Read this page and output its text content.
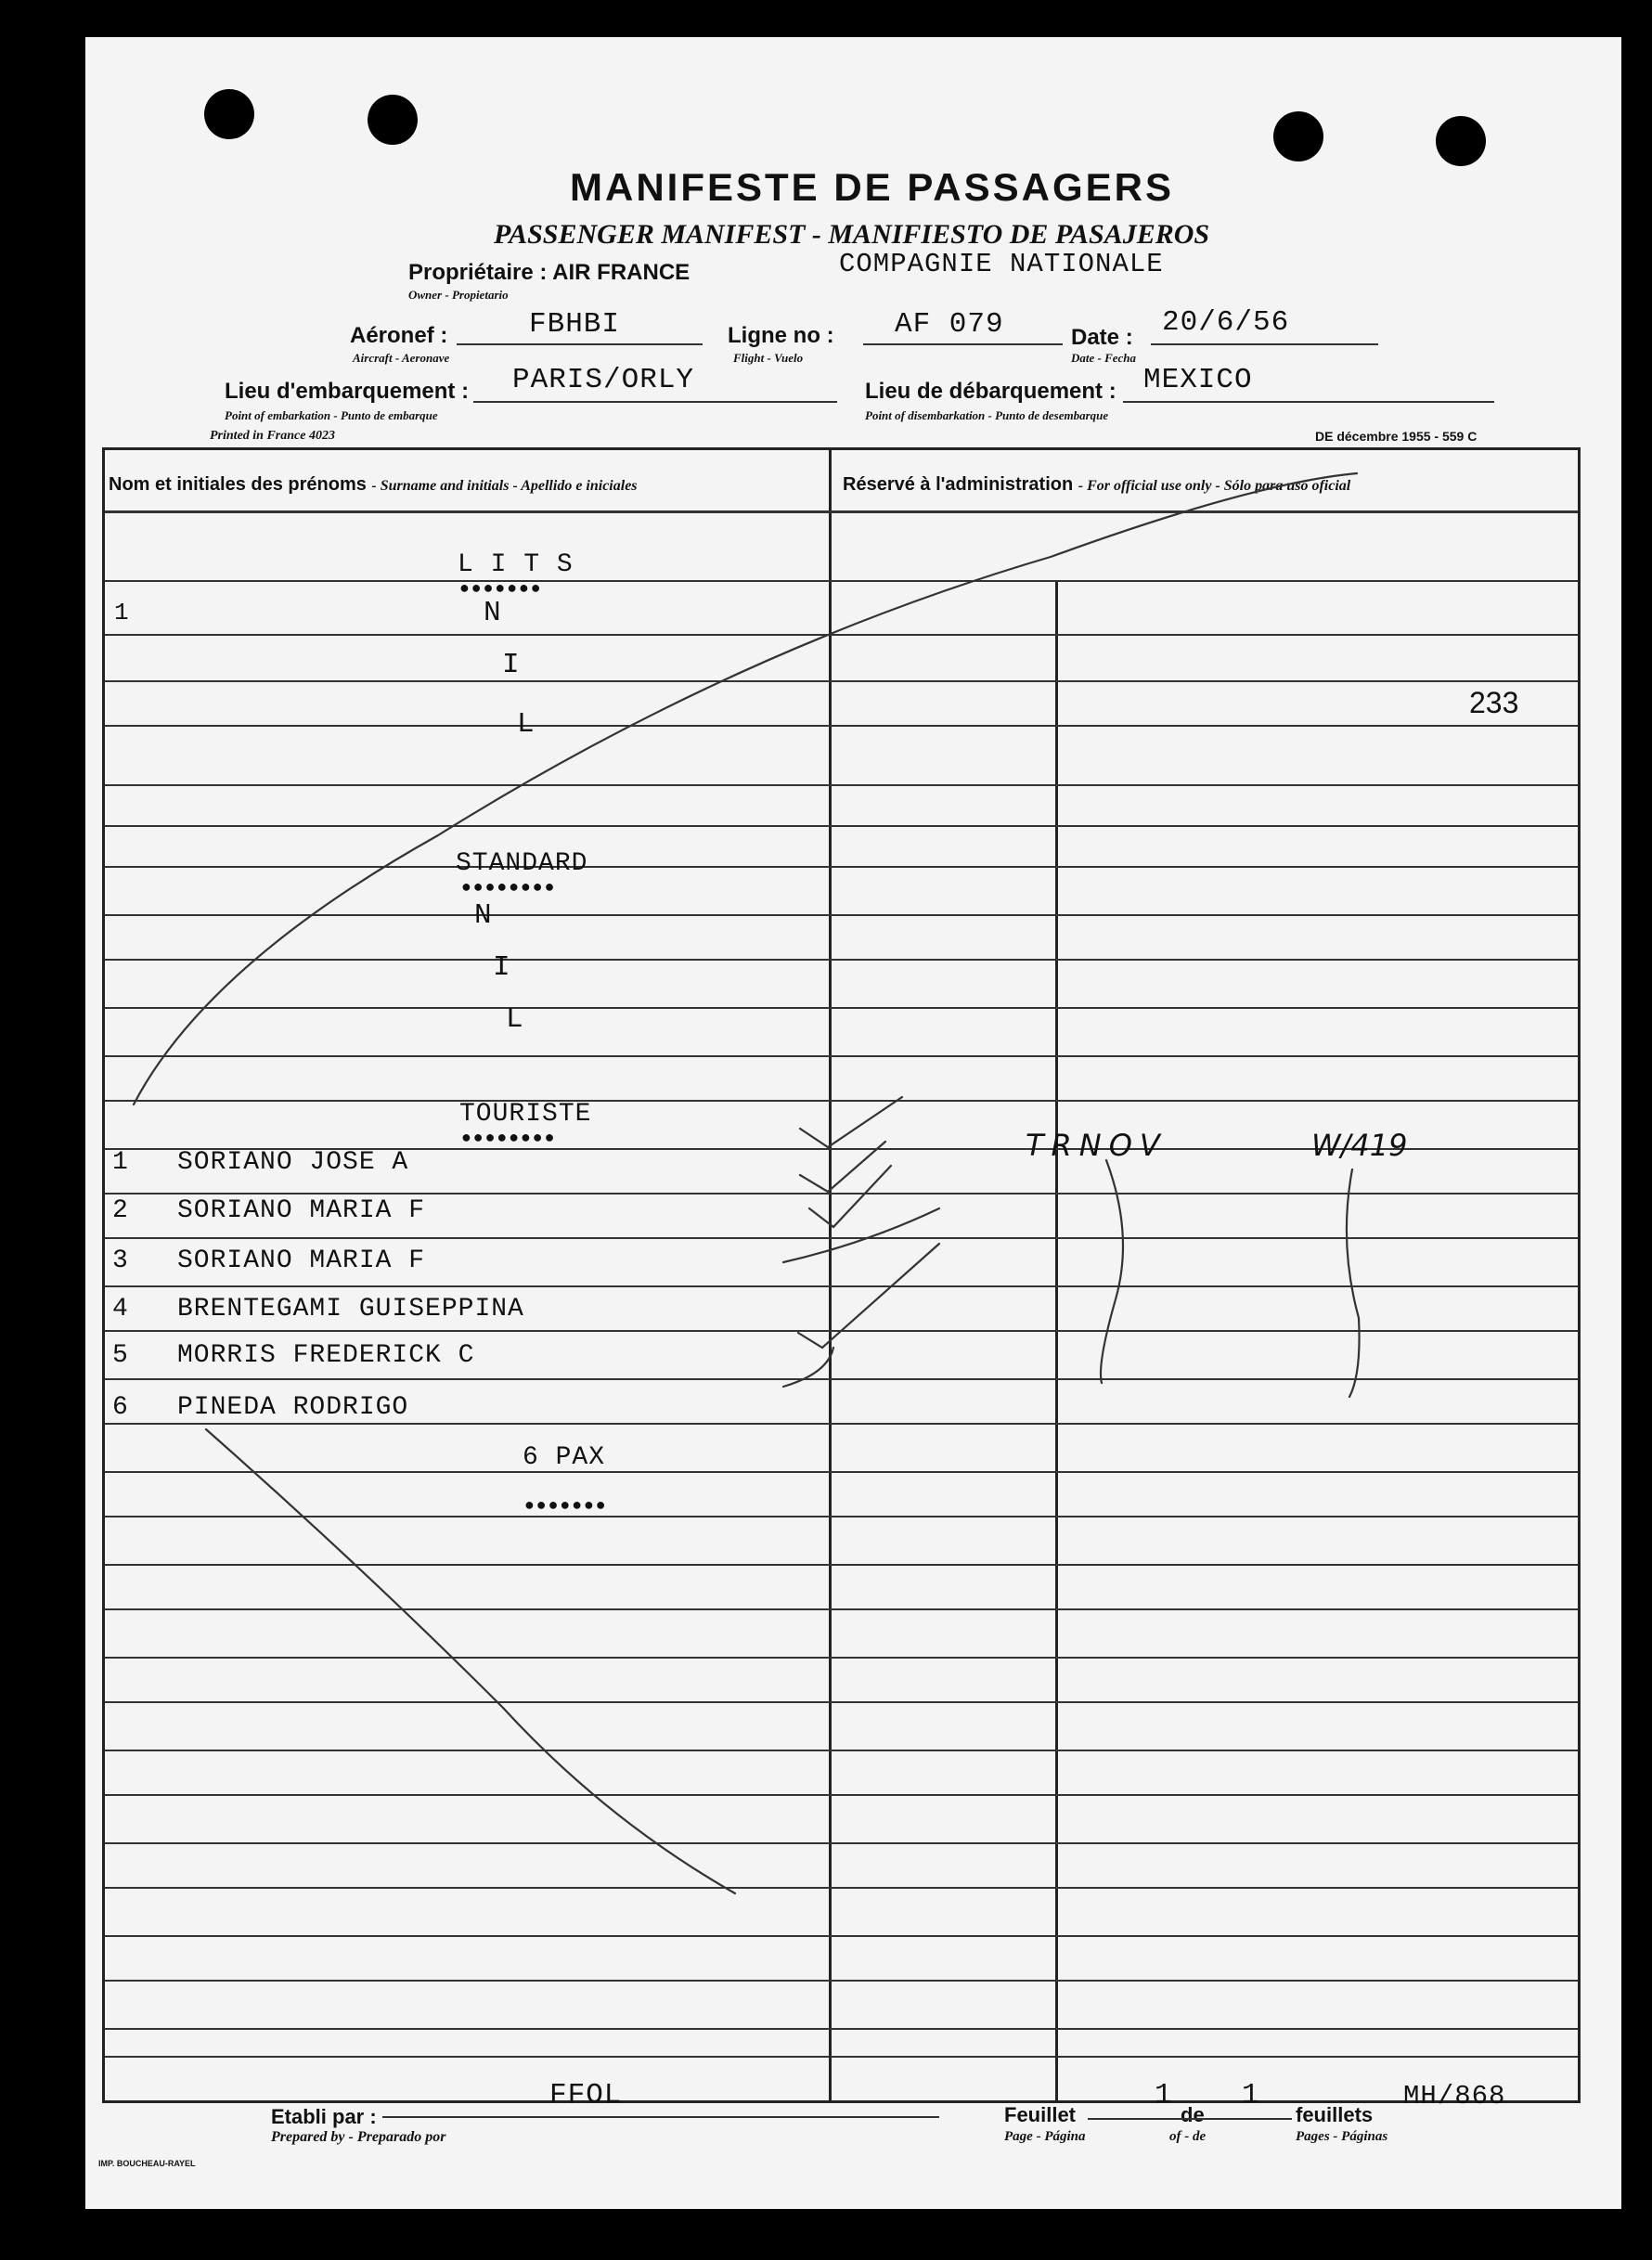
MANIFESTE DE PASSAGERS
PASSENGER MANIFEST - MANIFIESTO DE PASAJEROS
Propriétaire : AIR FRANCE
Owner - Propietario
COMPAGNIE NATIONALE
Aéronef :
Aircraft - Aeronave
FBHBI	Ligne no :
Flight - Vuelo
AF 079	Date :
Date - Fecha
20/6/56
Lieu d'embarquement :
Point of embarkation - Punto de embarque
PARIS/ORLY	Lieu de débarquement :
Point of disembarkation - Punto de desembarque
MEXICO
Printed in France 4023	DE décembre 1955 - 559 C
Nom et initiales des prénoms - Surname and initials - Apellido e iniciales	Réservé à l'administration - For official use only - Sólo para uso oficial
L I T S
●●●●●●●
1	N
I
L
233
STANDARD
●●●●●●●●
N
I
L
TOURISTE
●●●●●●●●
1 SORIANO JOSE A
2 SORIANO MARIA F
3 SORIANO MARIA F
4 BRENTEGAMI GUISEPPINA
5 MORRIS FREDERICK C
6 PINEDA RODRIGO
6 PAX
●●●●●●●
TRNOV	W/419
Etabli par :
Prepared by - Preparado por
FFOL
Feuillet
1
de
1
feuillets
Page - Página	of - de	Pages - Páginas
MH/868
IMP. BOUCHEAU-RAYEL
